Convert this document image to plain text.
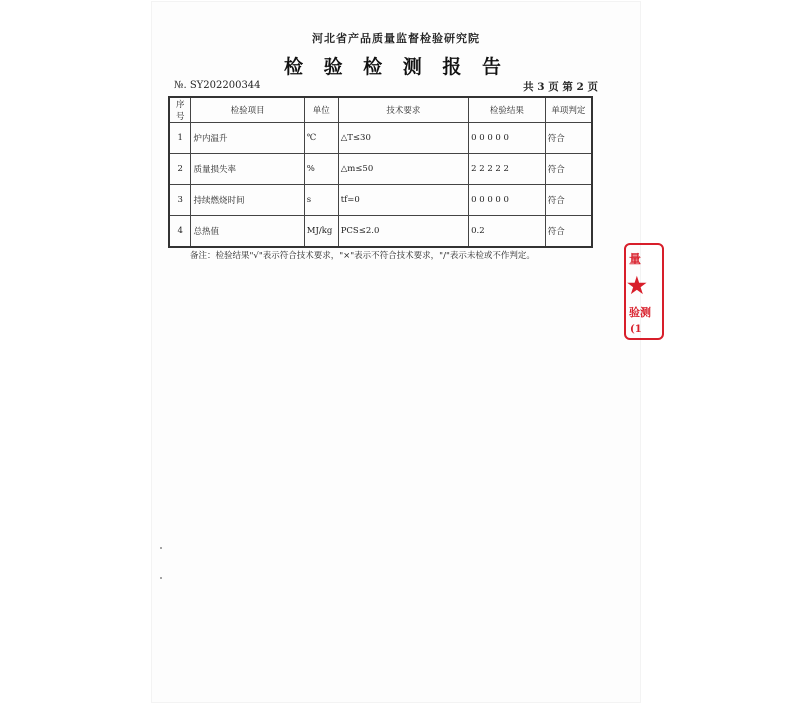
河北省产品质量监督检验研究院
检 验 检 测 报 告
№. SY202200344	共 3 页 第 2 页
序号	检验项目	单位	技术要求	检验结果	单项判定
1	炉内温升	℃	△T≤30	0 0 0 0 0	符合
2	质量损失率	%	△m≤50	2 2 2 2 2	符合
3	持续燃烧时间	s	tf=0	0 0 0 0 0	符合
4	总热值	MJ/kg	PCS≤2.0	0.2	符合
备注：检验结果"√"表示符合技术要求，"×"表示不符合技术要求，"/"表示未检或不作判定。	量
★
验测
(1
